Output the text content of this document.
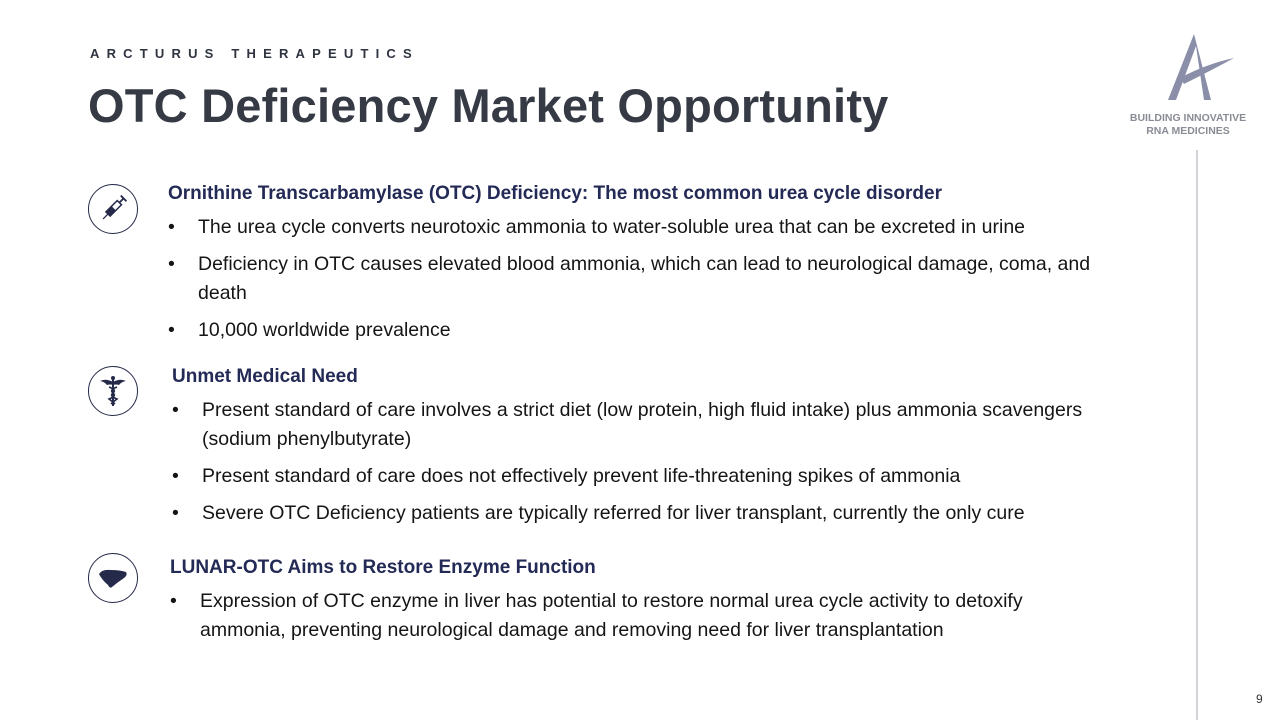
ARCTURUS THERAPEUTICS
OTC Deficiency Market Opportunity	BUILDING INNOVATIVE
RNA MEDICINES
Ornithine Transcarbamylase (OTC) Deficiency: The most common urea cycle disorder
• The urea cycle converts neurotoxic ammonia to water-soluble urea that can be excreted in urine
• Deficiency in OTC causes elevated blood ammonia, which can lead to neurological damage, coma, and death
• 10,000 worldwide prevalence
Unmet Medical Need
• Present standard of care involves a strict diet (low protein, high fluid intake) plus ammonia scavengers (sodium phenylbutyrate)
• Present standard of care does not effectively prevent life-threatening spikes of ammonia
• Severe OTC Deficiency patients are typically referred for liver transplant, currently the only cure
LUNAR-OTC Aims to Restore Enzyme Function
• Expression of OTC enzyme in liver has potential to restore normal urea cycle activity to detoxify ammonia, preventing neurological damage and removing need for liver transplantation
9
